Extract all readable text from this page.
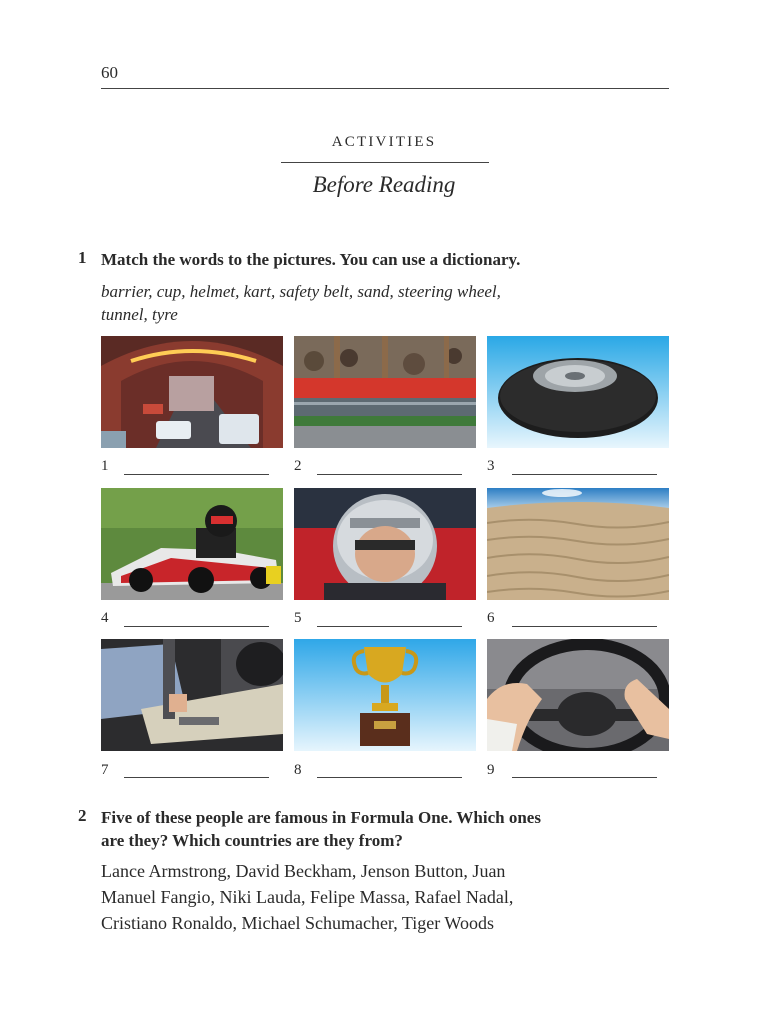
60
ACTIVITIES
Before Reading
1 Match the words to the pictures. You can use a dictionary.
barrier, cup, helmet, kart, safety belt, sand, steering wheel,
tunnel, tyre
1	2	3
4	5	6
7	8	9
2 Five of these people are famous in Formula One. Which ones
are they? Which countries are they from?
Lance Armstrong, David Beckham, Jenson Button, Juan
Manuel Fangio, Niki Lauda, Felipe Massa, Rafael Nadal,
Cristiano Ronaldo, Michael Schumacher, Tiger Woods
